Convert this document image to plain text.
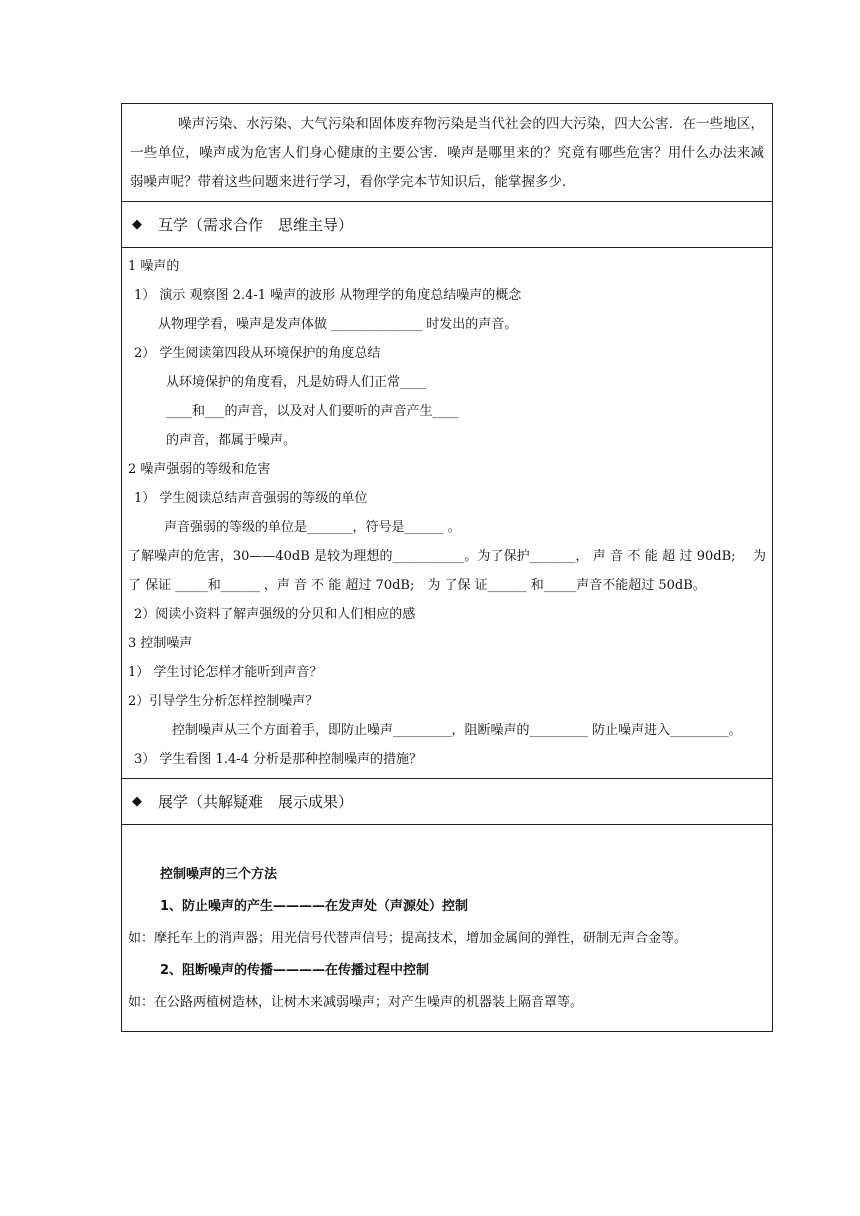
噪声污染、水污染、大气污染和固体废弃物污染是当代社会的四大污染，四大公害．在一些地区，一些单位，噪声成为危害人们身心健康的主要公害．噪声是哪里来的？究竟有哪些危害？用什么办法来减弱噪声呢？带着这些问题来进行学习，看你学完本节知识后，能掌握多少．

◆ 互学（需求合作　思维主导）
1 噪声的
1） 演示 观察图 2.4-1 噪声的波形 从物理学的角度总结噪声的概念
从物理学看，噪声是发声体做 ______________ 时发出的声音。
2） 学生阅读第四段从环境保护的角度总结
从环境保护的角度看，凡是妨碍人们正常____
____和___的声音，以及对人们要听的声音产生____
的声音，都属于噪声。
2 噪声强弱的等级和危害
1） 学生阅读总结声音强弱的等级的单位
声音强弱的等级的单位是_______，符号是______ 。
了解噪声的危害，30——40dB 是较为理想的___________。为了保护_______， 声 音 不 能 超 过 90dB;　 为 了 保证 _____和______ ，声 音 不 能 超过 70dB;　为 了保 证______ 和_____声音不能超过 50dB。
2）阅读小资料了解声强级的分贝和人们相应的感
3 控制噪声
1） 学生讨论怎样才能听到声音？
2）引导学生分析怎样控制噪声？
控制噪声从三个方面着手，即防止噪声_________，阻断噪声的_________ 防止噪声进入_________。
3） 学生看图 1.4-4 分析是那种控制噪声的措施？
◆ 展学（共解疑难　展示成果）
控制噪声的三个方法
1、防止噪声的产生————在发声处（声源处）控制
如：摩托车上的消声器；用光信号代替声信号；提高技术，增加金属间的弹性，研制无声合金等。
2、阻断噪声的传播————在传播过程中控制
如：在公路两植树造林，让树木来减弱噪声；对产生噪声的机器装上隔音罩等。
